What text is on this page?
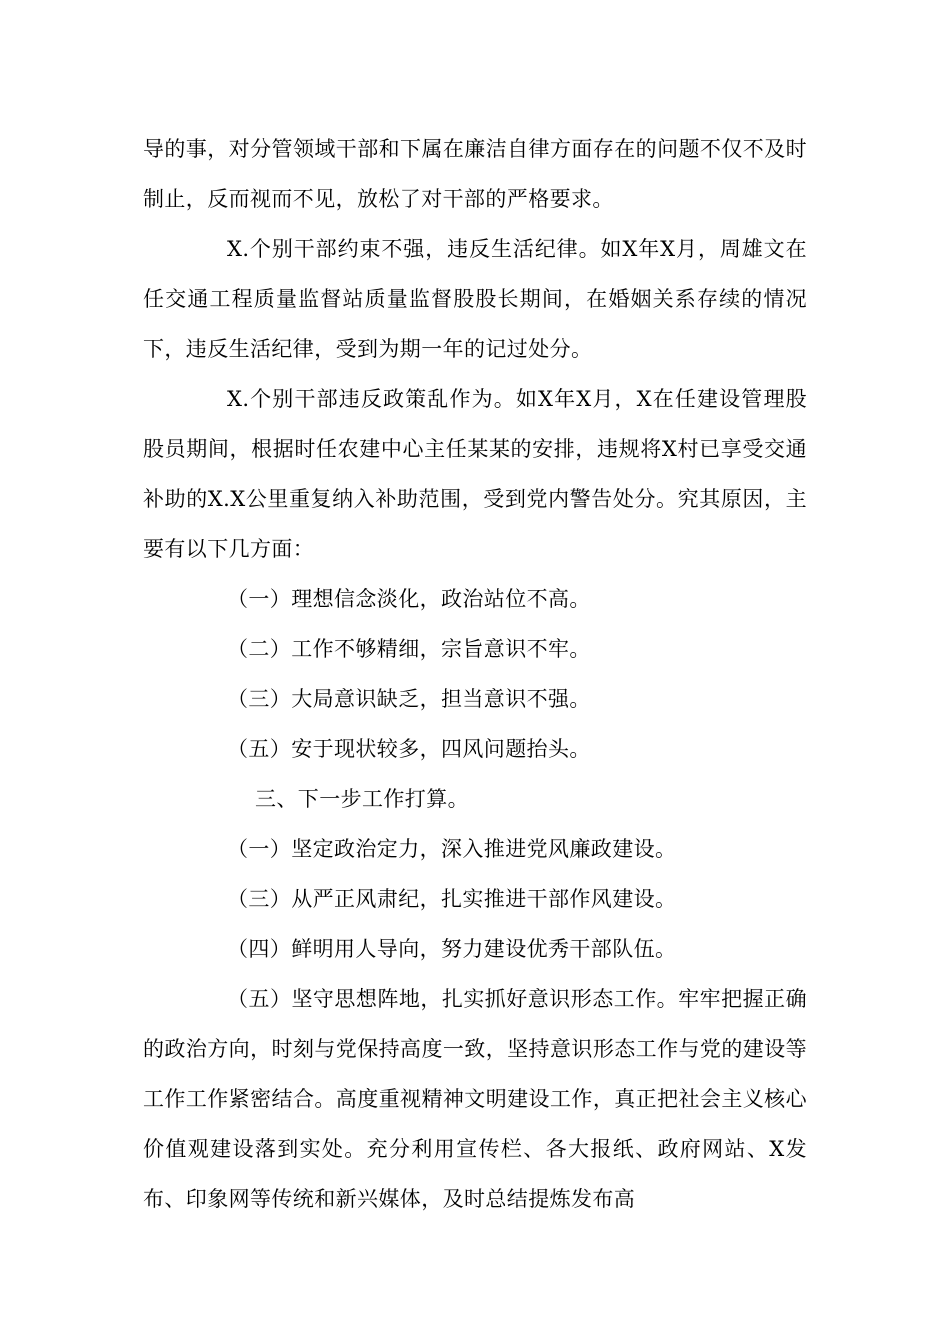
导的事，对分管领域干部和下属在廉洁自律方面存在的问题不仅不及时制止，反而视而不见，放松了对干部的严格要求。

X.个别干部约束不强，违反生活纪律。如X年X月，周雄文在任交通工程质量监督站质量监督股股长期间，在婚姻关系存续的情况下，违反生活纪律，受到为期一年的记过处分。

X.个别干部违反政策乱作为。如X年X月，X在任建设管理股股员期间，根据时任农建中心主任某某的安排，违规将X村已享受交通补助的X.X公里重复纳入补助范围，受到党内警告处分。究其原因，主要有以下几方面：

（一）理想信念淡化，政治站位不高。

（二）工作不够精细，宗旨意识不牢。

（三）大局意识缺乏，担当意识不强。

（五）安于现状较多，四风问题抬头。

三、下一步工作打算。

（一）坚定政治定力，深入推进党风廉政建设。

（三）从严正风肃纪，扎实推进干部作风建设。

（四）鲜明用人导向，努力建设优秀干部队伍。

（五）坚守思想阵地，扎实抓好意识形态工作。牢牢把握正确的政治方向，时刻与党保持高度一致，坚持意识形态工作与党的建设等工作工作紧密结合。高度重视精神文明建设工作，真正把社会主义核心价值观建设落到实处。充分利用宣传栏、各大报纸、政府网站、X发布、印象网等传统和新兴媒体，及时总结提炼发布高
